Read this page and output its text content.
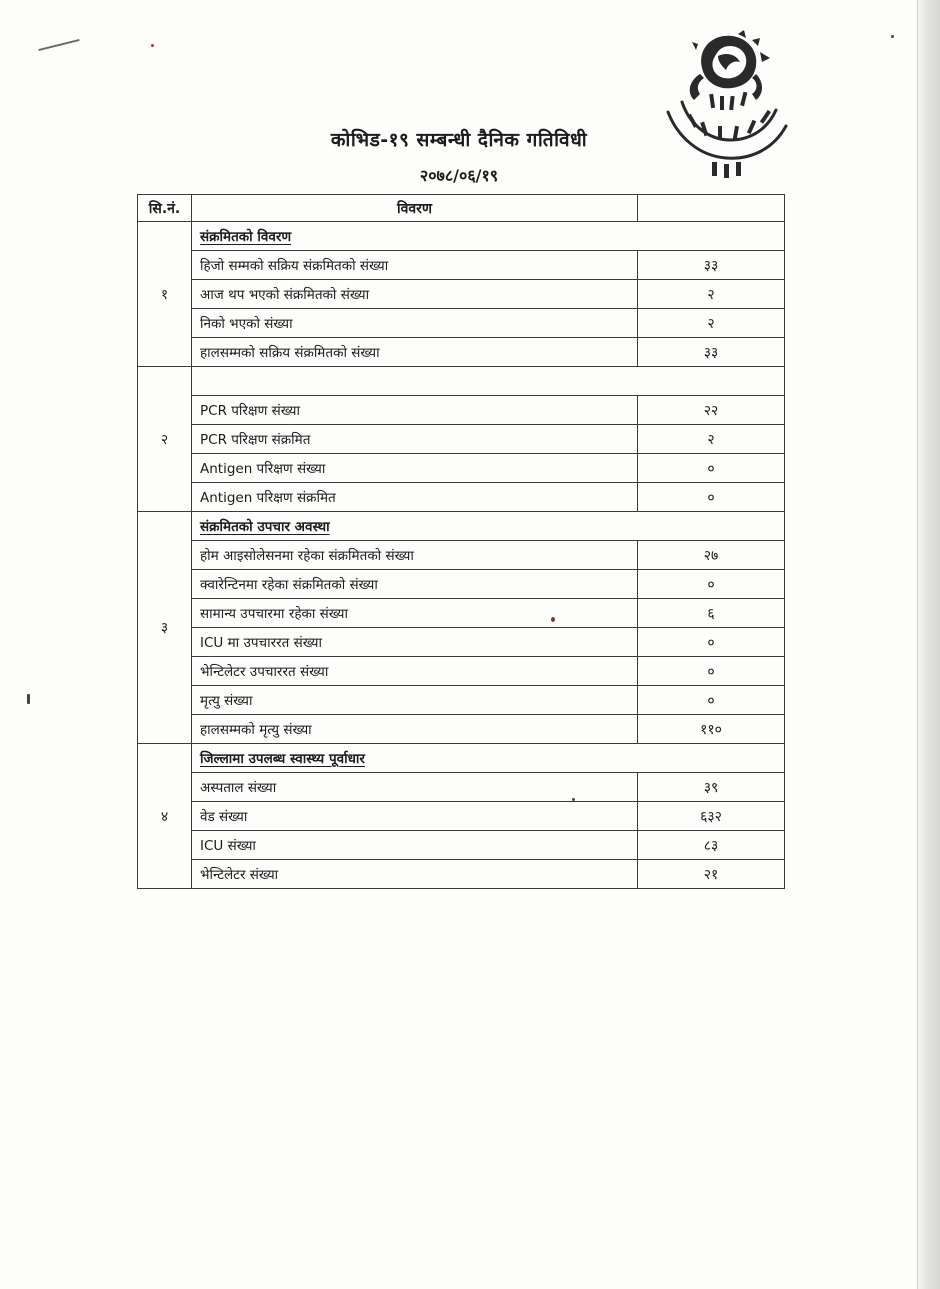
कोभिड-१९ सम्बन्धी दैनिक गतिविधी
२०७८/०६/१९
सि.नं.	विवरण	
१	संक्रमितको विवरण	
	हिजो सम्मको सक्रिय संक्रमितको संख्या	३३
	आज थप भएको संक्रमितको संख्या	२
	निको भएको संख्या	२
	हालसम्मको सक्रिय संक्रमितको संख्या	३३
२		
	PCR परिक्षण संख्या	२२
	PCR परिक्षण संक्रमित	२
	Antigen परिक्षण संख्या	०
	Antigen परिक्षण संक्रमित	०
३	संक्रमितको उपचार अवस्था	
	होम आइसोलेसनमा रहेका संक्रमितको संख्या	२७
	क्वारेन्टिनमा रहेका संक्रमितको संख्या	०
	सामान्य उपचारमा रहेका संख्या	६
	ICU मा उपचाररत संख्या	०
	भेन्टिलेटर उपचाररत संख्या	०
	मृत्यु संख्या	०
	हालसम्मको मृत्यु संख्या	११०
४	जिल्लामा उपलब्ध स्वास्थ्य पूर्वाधार	
	अस्पताल संख्या	३९
	वेड संख्या	६३२
	ICU संख्या	८३
	भेन्टिलेटर संख्या	२१
